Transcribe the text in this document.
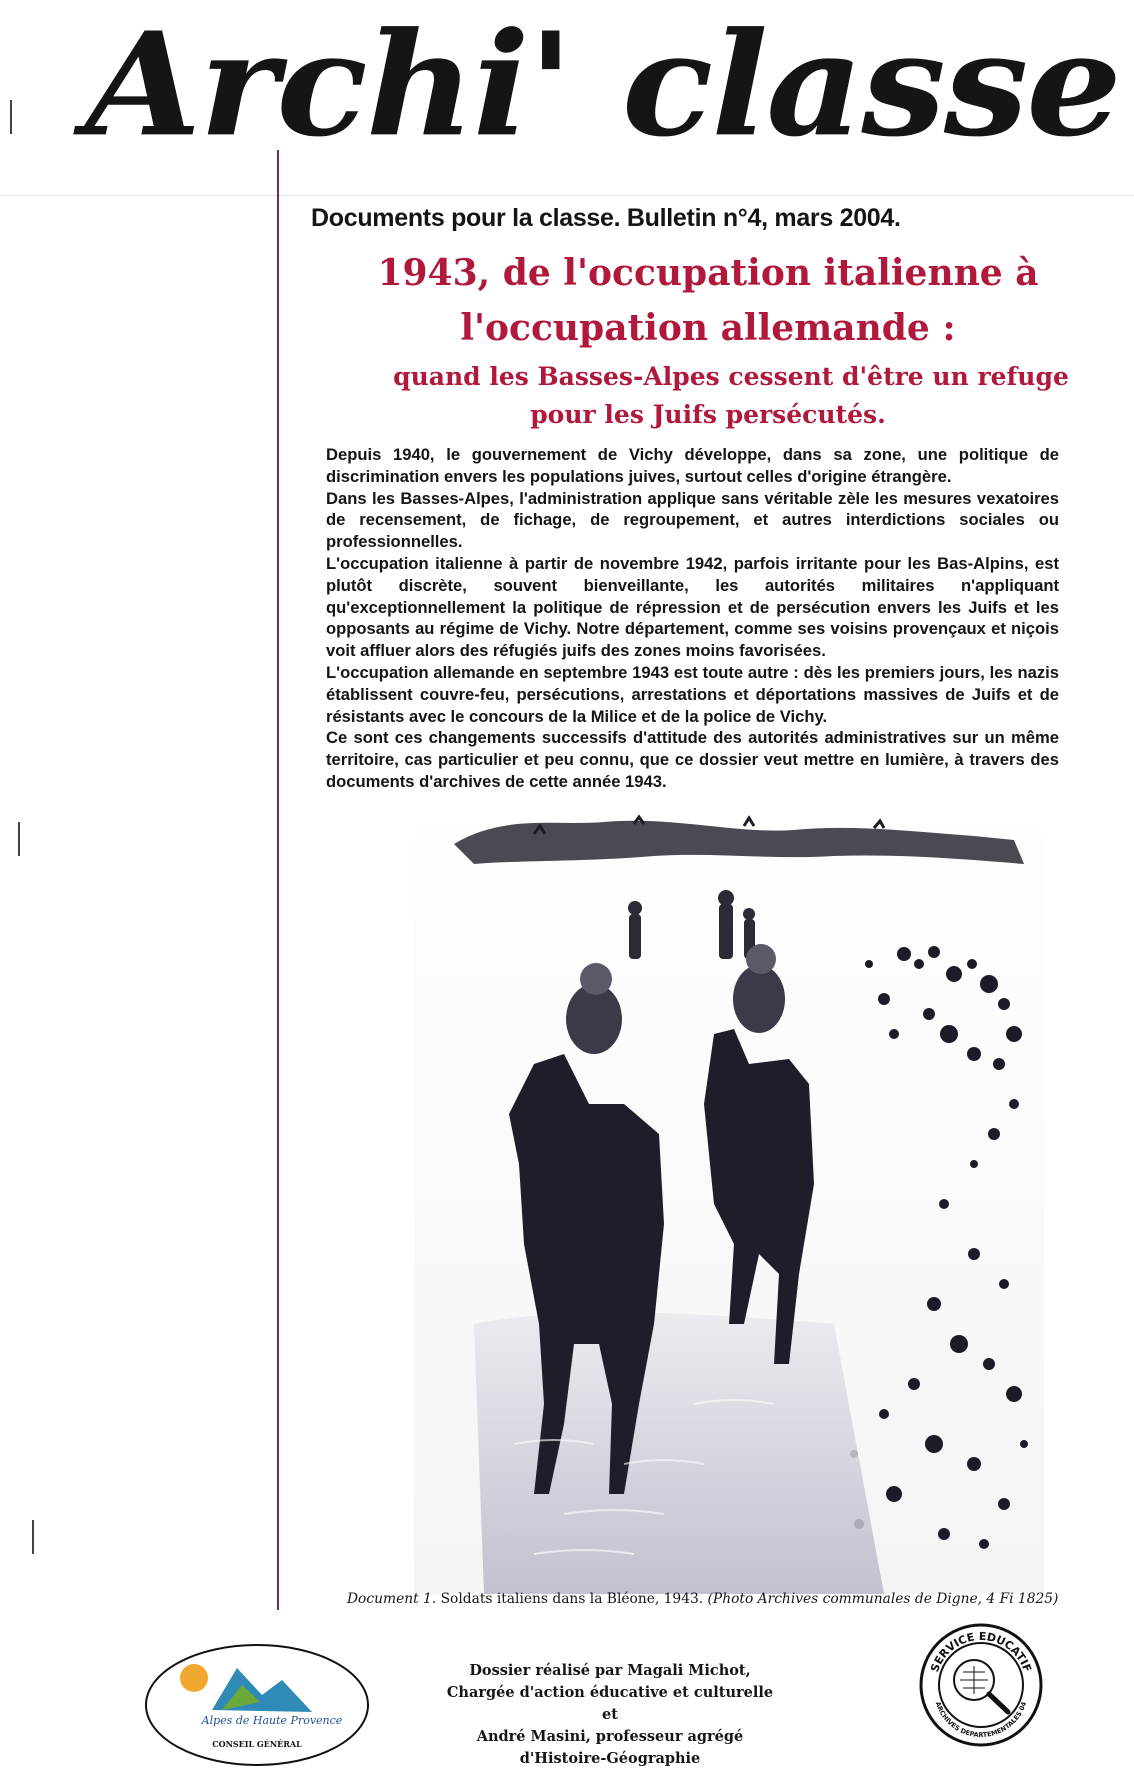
Archi' classe
Documents pour la classe. Bulletin n°4, mars 2004.
1943, de l'occupation italienne à
l'occupation allemande :
quand les Basses-Alpes cessent d'être un refuge
pour les Juifs persécutés.

Depuis 1940, le gouvernement de Vichy développe, dans sa zone, une politique de discrimination envers les populations juives, surtout celles d'origine étrangère.

Dans les Basses-Alpes, l'administration applique sans véritable zèle les mesures vexatoires de recensement, de fichage, de regroupement, et autres interdictions sociales ou professionnelles.

L'occupation italienne à partir de novembre 1942, parfois irritante pour les Bas-Alpins, est plutôt discrète, souvent bienveillante, les autorités militaires n'appliquant qu'exceptionnellement la politique de répression et de persécution envers les Juifs et les opposants au régime de Vichy. Notre département, comme ses voisins provençaux et niçois voit affluer alors des réfugiés juifs des zones moins favorisées.

L'occupation allemande en septembre 1943 est toute autre : dès les premiers jours, les nazis établissent couvre-feu, persécutions, arrestations et déportations massives de Juifs et de résistants avec le concours de la Milice et de la police de Vichy.

Ce sont ces changements successifs d'attitude des autorités administratives sur un même territoire, cas particulier et peu connu, que ce dossier veut mettre en lumière, à travers des documents d'archives de cette année 1943.

Document 1. Soldats italiens dans la Bléone, 1943. (Photo Archives communales de Digne, 4 Fi 1825)
Alpes de Haute Provence
CONSEIL GÉNÉRAL
Dossier réalisé par Magali Michot,
Chargée d'action éducative et culturelle
et
André Masini, professeur agrégé
d'Histoire-Géographie
SERVICE EDUCATIF
ARCHIVES DEPARTEMENTALES 04
